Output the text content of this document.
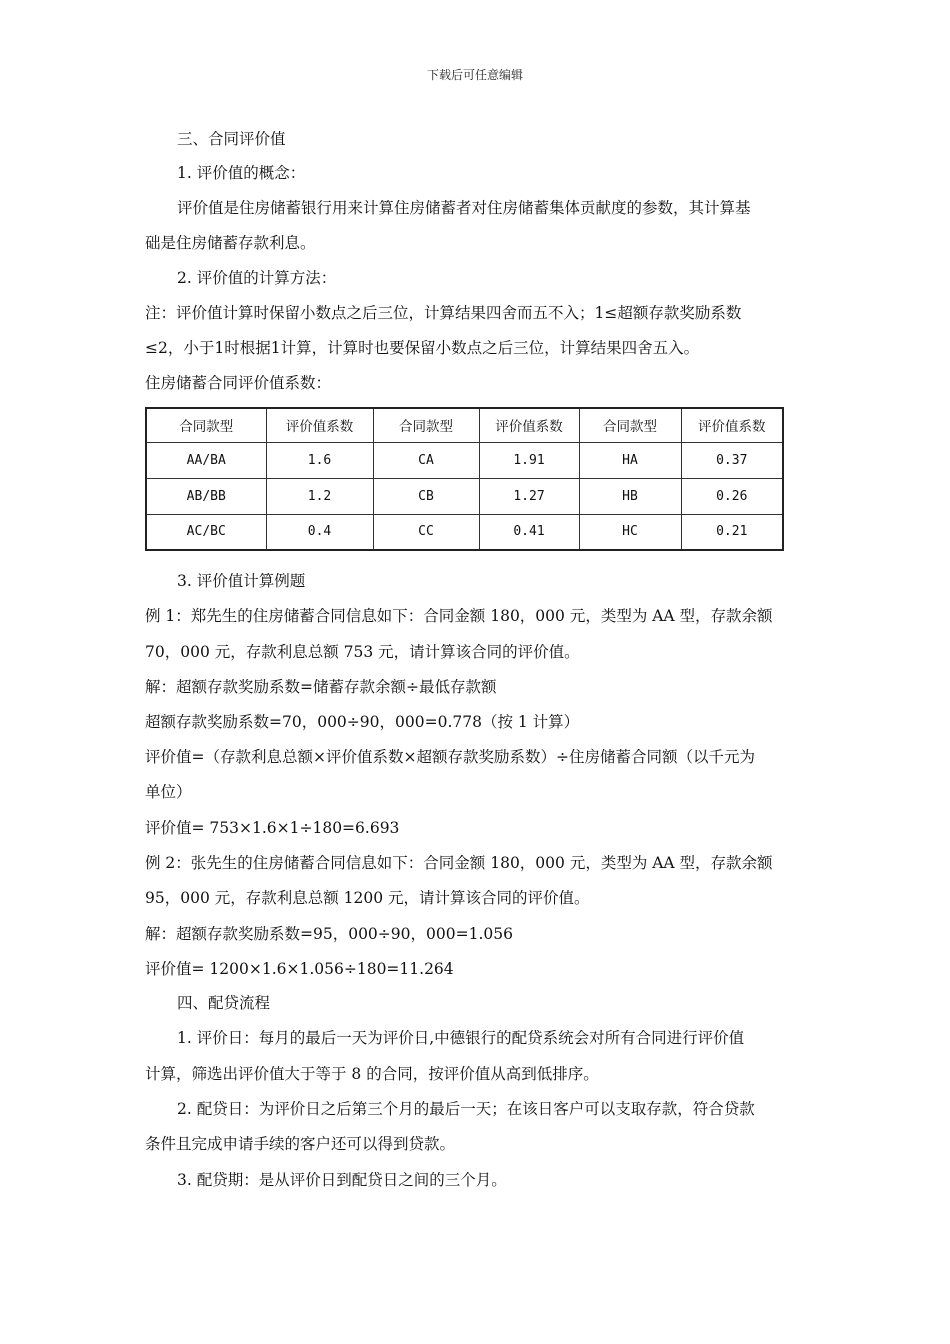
下载后可任意编辑
三、合同评价值
1. 评价值的概念：
评价值是住房储蓄银行用来计算住房储蓄者对住房储蓄集体贡献度的参数，其计算基
础是住房储蓄存款利息。
2. 评价值的计算方法：
注：评价值计算时保留小数点之后三位，计算结果四舍而五不入；1≤超额存款奖励系数
≤2，小于1时根据1计算，计算时也要保留小数点之后三位，计算结果四舍五入。
住房储蓄合同评价值系数：
合同款型	评价值系数	合同款型	评价值系数	合同款型	评价值系数
AA/BA	1.6	CA	1.91	HA	0.37
AB/BB	1.2	CB	1.27	HB	0.26
AC/BC	0.4	CC	0.41	HC	0.21
3. 评价值计算例题
例 1：郑先生的住房储蓄合同信息如下：合同金额 180，000 元，类型为 AA 型，存款余额
70，000 元，存款利息总额 753 元，请计算该合同的评价值。
解：超额存款奖励系数=储蓄存款余额÷最低存款额
超额存款奖励系数=70，000÷90，000=0.778（按 1 计算）
评价值=（存款利息总额×评价值系数×超额存款奖励系数）÷住房储蓄合同额（以千元为
单位）
评价值= 753×1.6×1÷180=6.693
例 2：张先生的住房储蓄合同信息如下：合同金额 180，000 元，类型为 AA 型，存款余额
95，000 元，存款利息总额 1200 元，请计算该合同的评价值。
解：超额存款奖励系数=95，000÷90，000=1.056
评价值= 1200×1.6×1.056÷180=11.264
四、配贷流程
1. 评价日：每月的最后一天为评价日,中德银行的配贷系统会对所有合同进行评价值
计算，筛选出评价值大于等于 8 的合同，按评价值从高到低排序。
2. 配贷日：为评价日之后第三个月的最后一天；在该日客户可以支取存款，符合贷款
条件且完成申请手续的客户还可以得到贷款。
3. 配贷期：是从评价日到配贷日之间的三个月。
